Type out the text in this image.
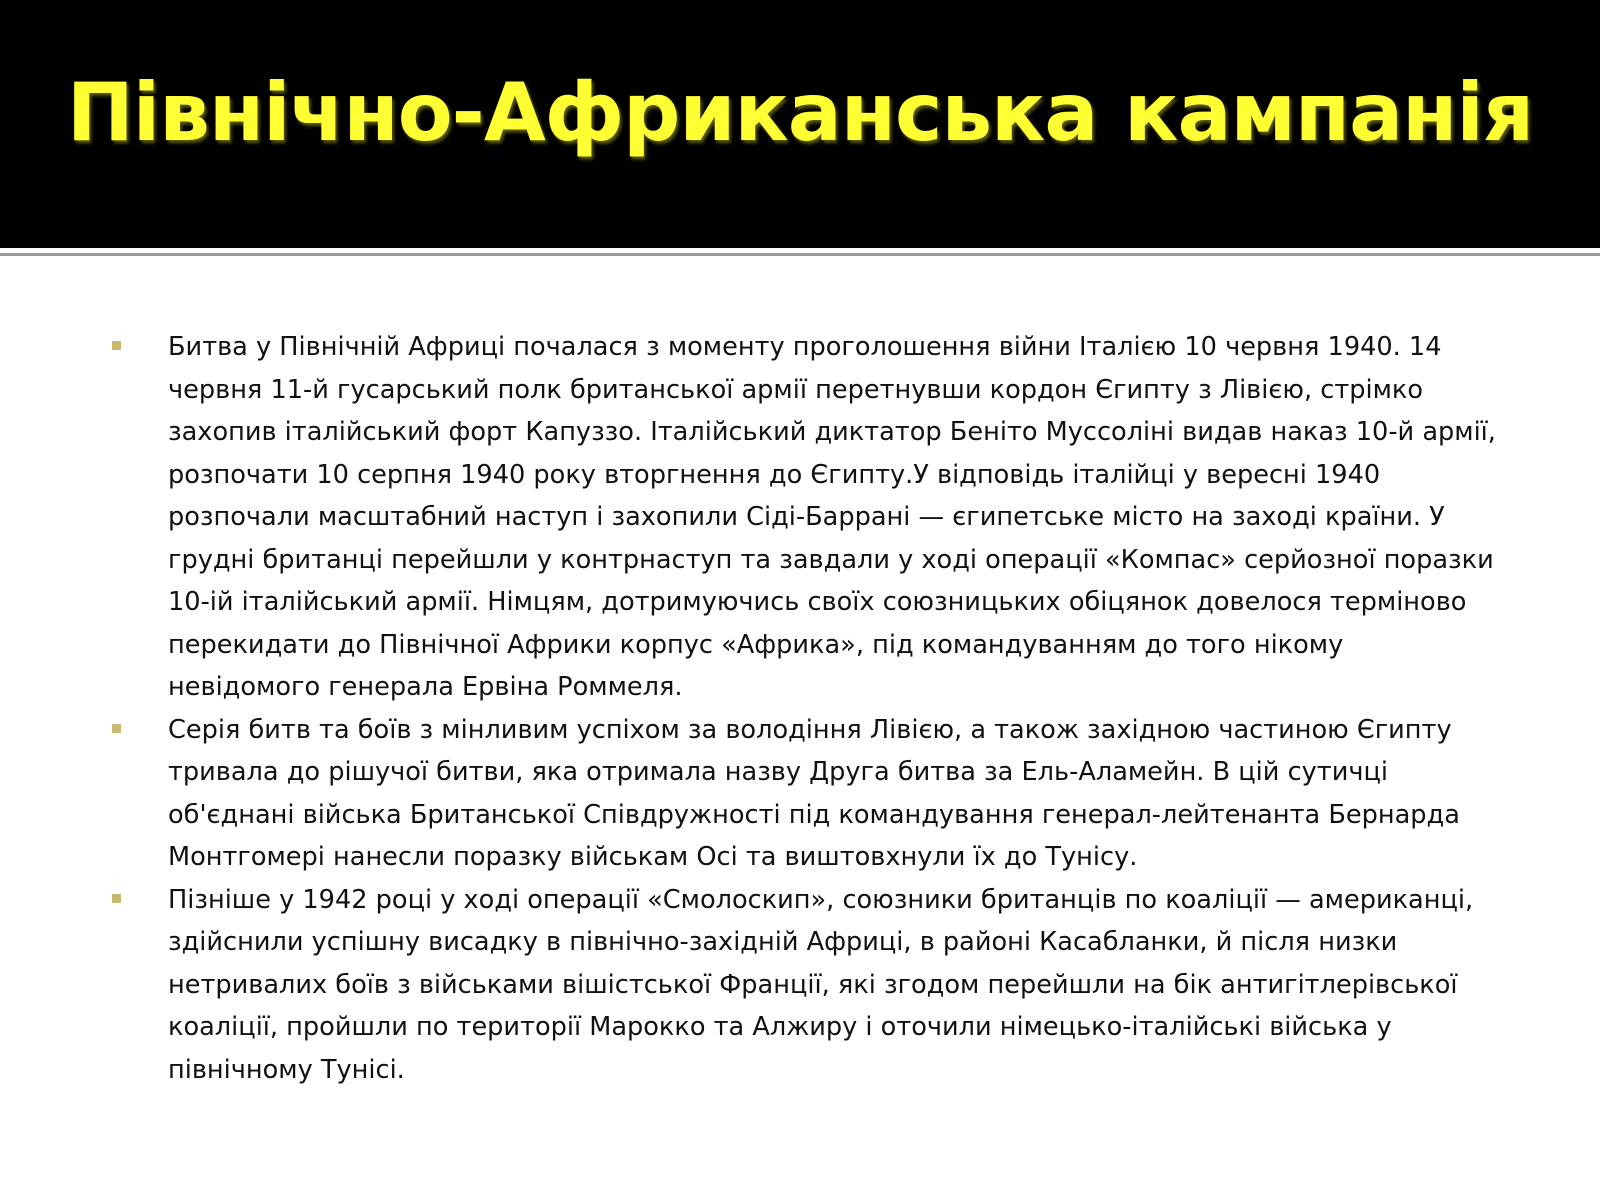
Північно-Африканська кампанія
Битва у Північній Африці почалася з моменту проголошення війни Італією 10 червня 1940. 14 червня 11-й гусарський полк британської армії перетнувши кордон Єгипту з Лівією, стрімко захопив італійський форт Капуззо. Італійський диктатор Беніто Муссоліні видав наказ 10-й армії, розпочати 10 серпня 1940 року вторгнення до Єгипту.У відповідь італійці у вересні 1940 розпочали масштабний наступ і захопили Сіді-Баррані — єгипетське місто на заході країни. У грудні британці перейшли у контрнаступ та завдали у ході операції «Компас» серйозної поразки 10-ій італійський армії. Німцям, дотримуючись своїх союзницьких обіцянок довелося терміново перекидати до Північної Африки корпус «Африка», під командуванням до того нікому невідомого генерала Ервіна Роммеля.
Серія битв та боїв з мінливим успіхом за володіння Лівією, а також західною частиною Єгипту тривала до рішучої битви, яка отримала назву Друга битва за Ель-Аламейн. В цій сутичці об'єднані війська Британської Співдружності під командування генерал-лейтенанта Бернарда Монтгомері нанесли поразку військам Осі та виштовхнули їх до Тунісу.
Пізніше у 1942 році у ході операції «Смолоскип», союзники британців по коаліції — американці, здійснили успішну висадку в північно-західній Африці, в районі Касабланки, й після низки нетривалих боїв з військами вішістської Франції, які згодом перейшли на бік антигітлерівської коаліції, пройшли по території Марокко та Алжиру і оточили німецько-італійські війська у північному Тунісі.
